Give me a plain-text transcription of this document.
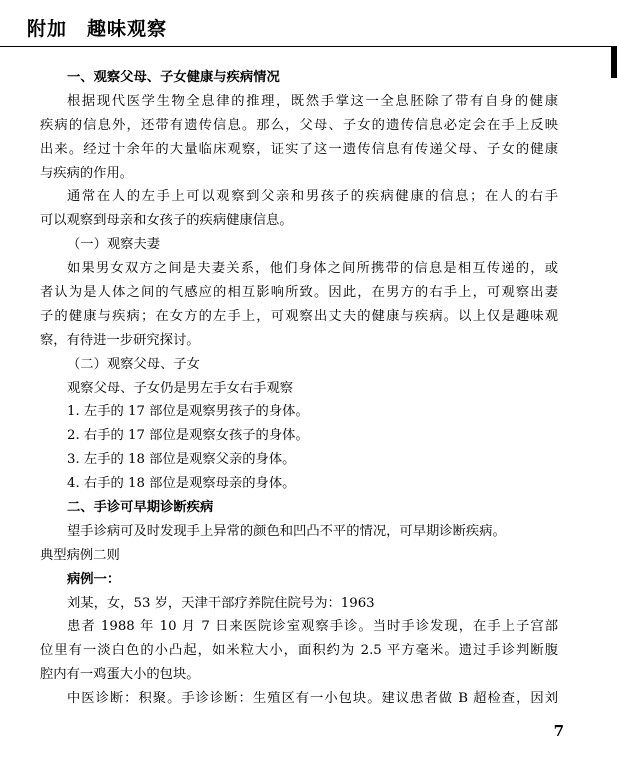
附加　趣味观察
一、观察父母、子女健康与疾病情况
根据现代医学生物全息律的推理，既然手掌这一全息胚除了带有自身的健康
疾病的信息外，还带有遗传信息。那么，父母、子女的遗传信息必定会在手上反映
出来。经过十余年的大量临床观察，证实了这一遗传信息有传递父母、子女的健康
与疾病的作用。
通常在人的左手上可以观察到父亲和男孩子的疾病健康的信息；在人的右手
可以观察到母亲和女孩子的疾病健康信息。
（一）观察夫妻
如果男女双方之间是夫妻关系，他们身体之间所携带的信息是相互传递的，或
者认为是人体之间的气感应的相互影响所致。因此，在男方的右手上，可观察出妻
子的健康与疾病；在女方的左手上，可观察出丈夫的健康与疾病。以上仅是趣味观
察，有待进一步研究探讨。
（二）观察父母、子女
观察父母、子女仍是男左手女右手观察
1. 左手的 17 部位是观察男孩子的身体。
2. 右手的 17 部位是观察女孩子的身体。
3. 左手的 18 部位是观察父亲的身体。
4. 右手的 18 部位是观察母亲的身体。
二、手诊可早期诊断疾病
望手诊病可及时发现手上异常的颜色和凹凸不平的情况，可早期诊断疾病。
典型病例二则
病例一：
刘某，女，53 岁，天津干部疗养院住院号为：1963
患者 1988 年 10 月 7 日来医院诊室观察手诊。当时手诊发现，在手上子宫部
位里有一淡白色的小凸起，如米粒大小，面积约为 2.5 平方毫米。遗过手诊判断腹
腔内有一鸡蛋大小的包块。
中医诊断：积聚。手诊诊断：生殖区有一小包块。建议患者做 B 超检查，因刘
7
